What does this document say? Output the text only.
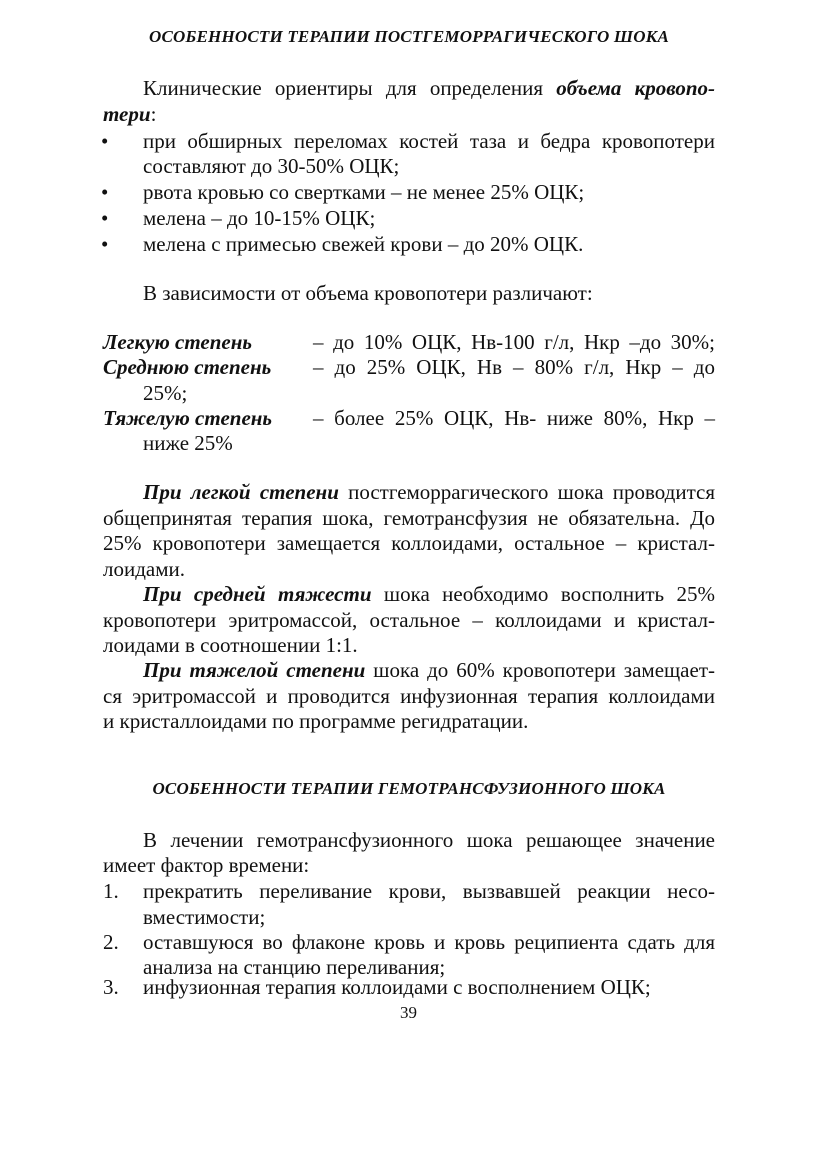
ОСОБЕННОСТИ ТЕРАПИИ ПОСТГЕМОРРАГИЧЕСКОГО ШОКА
Клинические ориентиры для определения объема кровопо-
тери:
• при обширных переломах костей таза и бедра кровопотери
составляют до 30-50% ОЦК;
• рвота кровью со свертками – не менее 25% ОЦК;
• мелена – до 10-15% ОЦК;
• мелена с примесью свежей крови – до 20% ОЦК.
В зависимости от объема кровопотери различают:
Легкую степень	– до 10% ОЦК, Нв-100 г/л, Нкр –до 30%;
Среднюю степень – до 25% ОЦК, Нв – 80% г/л, Нкр – до
25%;
Тяжелую степень – более 25% ОЦК, Нв- ниже 80%, Нкр –
ниже 25%
При легкой степени постгеморрагического шока проводится
общепринятая терапия шока, гемотрансфузия не обязательна. До
25% кровопотери замещается коллоидами, остальное – кристал-
лоидами.
При средней тяжести шока необходимо восполнить 25%
кровопотери эритромассой, остальное – коллоидами и кристал-
лоидами в соотношении 1:1.
При тяжелой степени шока до 60% кровопотери замещает-
ся эритромассой и проводится инфузионная терапия коллоидами
и кристаллоидами по программе регидратации.
ОСОБЕННОСТИ ТЕРАПИИ ГЕМОТРАНСФУЗИОННОГО ШОКА
В лечении гемотрансфузионного шока решающее значение
имеет фактор времени:
1. прекратить переливание крови, вызвавшей реакции несо-
вместимости;
2. оставшуюся во флаконе кровь и кровь реципиента сдать для
анализа на станцию переливания;
3. инфузионная терапия коллоидами с восполнением ОЦК;
39
